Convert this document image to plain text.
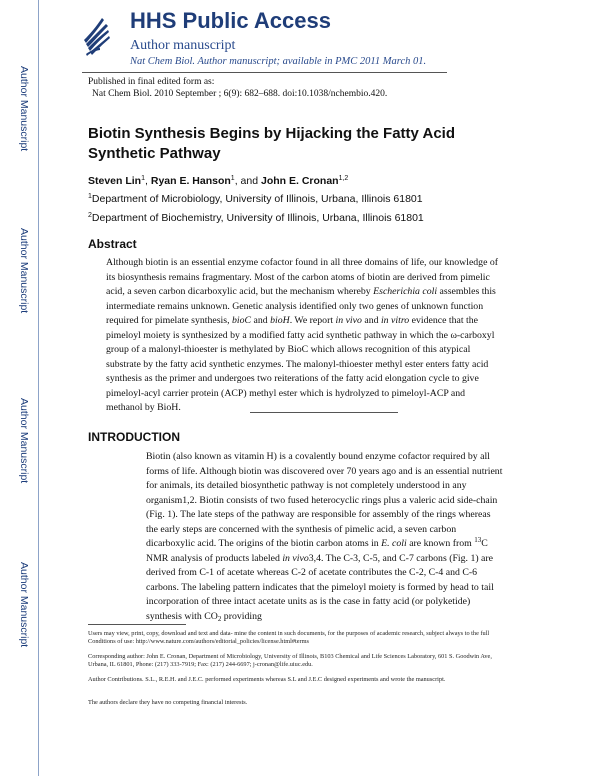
Author Manuscript
Author Manuscript
Author Manuscript
Author Manuscript
HHS Public Access
Author manuscript
Nat Chem Biol. Author manuscript; available in PMC 2011 March 01.
Published in final edited form as:
Nat Chem Biol. 2010 September ; 6(9): 682–688. doi:10.1038/nchembio.420.
Biotin Synthesis Begins by Hijacking the Fatty Acid Synthetic Pathway
Steven Lin$^1$, Ryan E. Hanson$^1$, and John E. Cronan$^{1,2}$
$^1$Department of Microbiology, University of Illinois, Urbana, Illinois 61801
$^2$Department of Biochemistry, University of Illinois, Urbana, Illinois 61801
Abstract

Although biotin is an essential enzyme cofactor found in all three domains of life, our knowledge of its biosynthesis remains fragmentary. Most of the carbon atoms of biotin are derived from pimelic acid, a seven carbon dicarboxylic acid, but the mechanism whereby Escherichia coli assembles this intermediate remains unknown. Genetic analysis identified only two genes of unknown function required for pimelate synthesis, bioC and bioH. We report in vivo and in vitro evidence that the pimeloyl moiety is synthesized by a modified fatty acid synthetic pathway in which the ω-carboxyl group of a malonyl-thioester is methylated by BioC which allows recognition of this atypical substrate by the fatty acid synthetic enzymes. The malonyl-thioester methyl ester enters fatty acid synthesis as the primer and undergoes two reiterations of the fatty acid elongation cycle to give pimeloyl-acyl carrier protein (ACP) methyl ester which is hydrolyzed to pimeloyl-ACP and methanol by BioH.

INTRODUCTION

Biotin (also known as vitamin H) is a covalently bound enzyme cofactor required by all forms of life. Although biotin was discovered over 70 years ago and is an essential nutrient for animals, its detailed biosynthetic pathway is not completely understood in any organism1,2. Biotin consists of two fused heterocyclic rings plus a valeric acid side-chain (Fig. 1). The late steps of the pathway are responsible for assembly of the rings whereas the early steps are concerned with the synthesis of pimelic acid, a seven carbon dicarboxylic acid. The origins of the biotin carbon atoms in E. coli are known from $^{13}$C NMR analysis of products labeled in vivo3,4. The C-3, C-5, and C-7 carbons (Fig. 1) are derived from C-1 of acetate whereas C-2 of acetate contributes the C-2, C-4 and C-6 carbons. The labeling pattern indicates that the pimeloyl moiety is formed by head to tail incorporation of three intact acetate units as is the case in fatty acid (or polyketide) synthesis with $CO_2$ providing

Users may view, print, copy, download and text and data- mine the content in such documents, for the purposes of academic research, subject always to the full Conditions of use: http://www.nature.com/authors/editorial_policies/license.html#terms

Corresponding author: John E. Cronan, Department of Microbiology, University of Illinois, B103 Chemical and Life Sciences Laboratory, 601 S. Goodwin Ave, Urbana, IL 61801, Phone: (217) 333-7919; Fax: (217) 244-6697; j-cronan@life.uiuc.edu.

Author Contributions. S.L., R.E.H. and J.E.C. performed experiments whereas S.L and J.E.C designed experiments and wrote the manuscript.

The authors declare they have no competing financial interests.
